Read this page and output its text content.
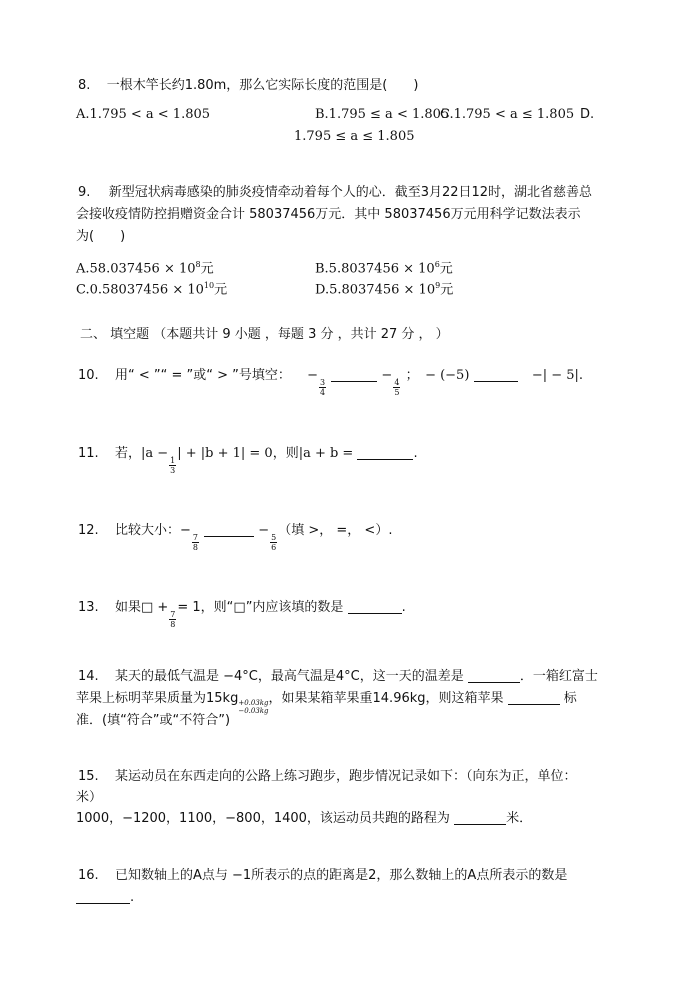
8. 一根木竿长约1.80m，那么它实际长度的范围是(　　)
A.1.795 < a < 1.805	B.1.795 ≤ a < 1.805
C.1.795 < a ≤ 1.805 D.
1.795 ≤ a ≤ 1.805
9. 新型冠状病毒感染的肺炎疫情牵动着每个人的心．截至3月22日12时，湖北省慈善总
会接收疫情防控捐赠资金合计 58037456万元．其中 58037456万元用科学记数法表示
为(　　)
$A.58.037456 \times 10^8$元	$B.5.8037456 \times 10^6$元
$C.0.58037456 \times 10^{10}$元	$D.5.8037456 \times 10^9$元
二、 填空题 （本题共计 9 小题 ，每题 3 分 ，共计 27 分 ， ）
10. 用“ < ”“ = ”或“ > ”号填空： −
$\frac{3}{4}$
−
$\frac{4}{5}$
；　− (−5)	−| − 5|.
11. 若，|a −
$\frac{1}{3}$
| + |b + 1| = 0，则|a + b =	.
12. 比较大小：−
$\frac{7}{8}$
−
$\frac{5}{6}$
（填 >， =， <）.
13. 如果□ +
$\frac{7}{8}$
= 1，则“□”内应该填的数是	.
14. 某天的最低气温是 −4°C，最高气温是4°C，这一天的温差是	．一箱红富士
苹果上标明苹果质量为15kg +0.03kg
−0.03kg
，如果某箱苹果重14.96kg，则这箱苹果	标
准．(填“符合”或“不符合”)
15. 某运动员在东西走向的公路上练习跑步，跑步情况记录如下：（向东为正，单位：
米）
1000，−1200，1100，−800，1400，该运动员共跑的路程为	米．
16. 已知数轴上的A点与 −1所表示的点的距离是2，那么数轴上的A点所表示的数是
.
